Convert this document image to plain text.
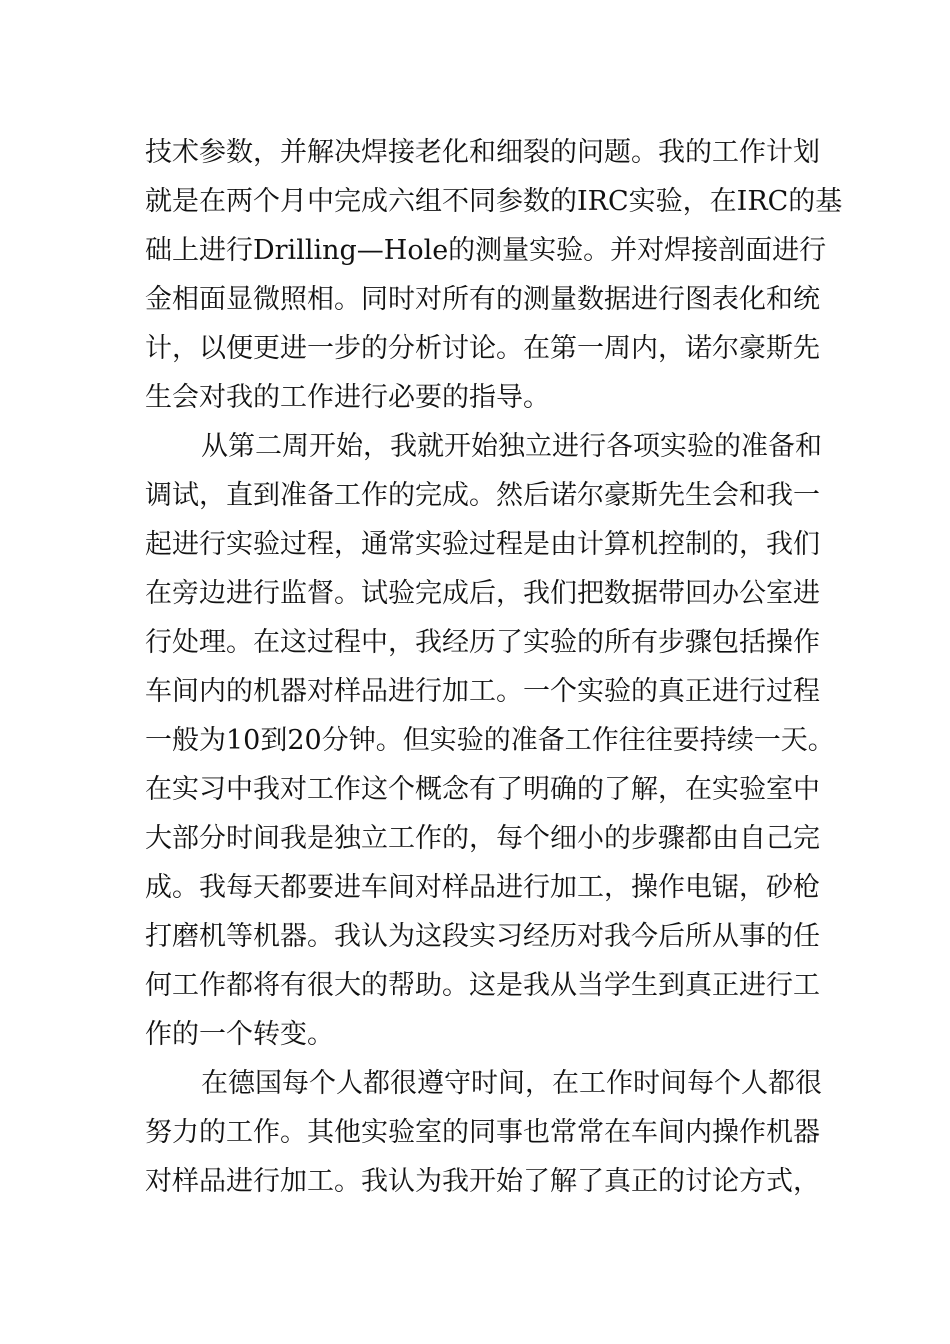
技术参数，并解决焊接老化和细裂的问题。我的工作计划
就是在两个月中完成六组不同参数的IRC实验，在IRC的基
础上进行Drilling—Hole的测量实验。并对焊接剖面进行
金相面显微照相。同时对所有的测量数据进行图表化和统
计，以便更进一步的分析讨论。在第一周内，诺尔豪斯先
生会对我的工作进行必要的指导。
从第二周开始，我就开始独立进行各项实验的准备和
调试，直到准备工作的完成。然后诺尔豪斯先生会和我一
起进行实验过程，通常实验过程是由计算机控制的，我们
在旁边进行监督。试验完成后，我们把数据带回办公室进
行处理。在这过程中，我经历了实验的所有步骤包括操作
车间内的机器对样品进行加工。一个实验的真正进行过程
一般为10到20分钟。但实验的准备工作往往要持续一天。
在实习中我对工作这个概念有了明确的了解，在实验室中
大部分时间我是独立工作的，每个细小的步骤都由自己完
成。我每天都要进车间对样品进行加工，操作电锯，砂枪
打磨机等机器。我认为这段实习经历对我今后所从事的任
何工作都将有很大的帮助。这是我从当学生到真正进行工
作的一个转变。
在德国每个人都很遵守时间，在工作时间每个人都很
努力的工作。其他实验室的同事也常常在车间内操作机器
对样品进行加工。我认为我开始了解了真正的讨论方式，
